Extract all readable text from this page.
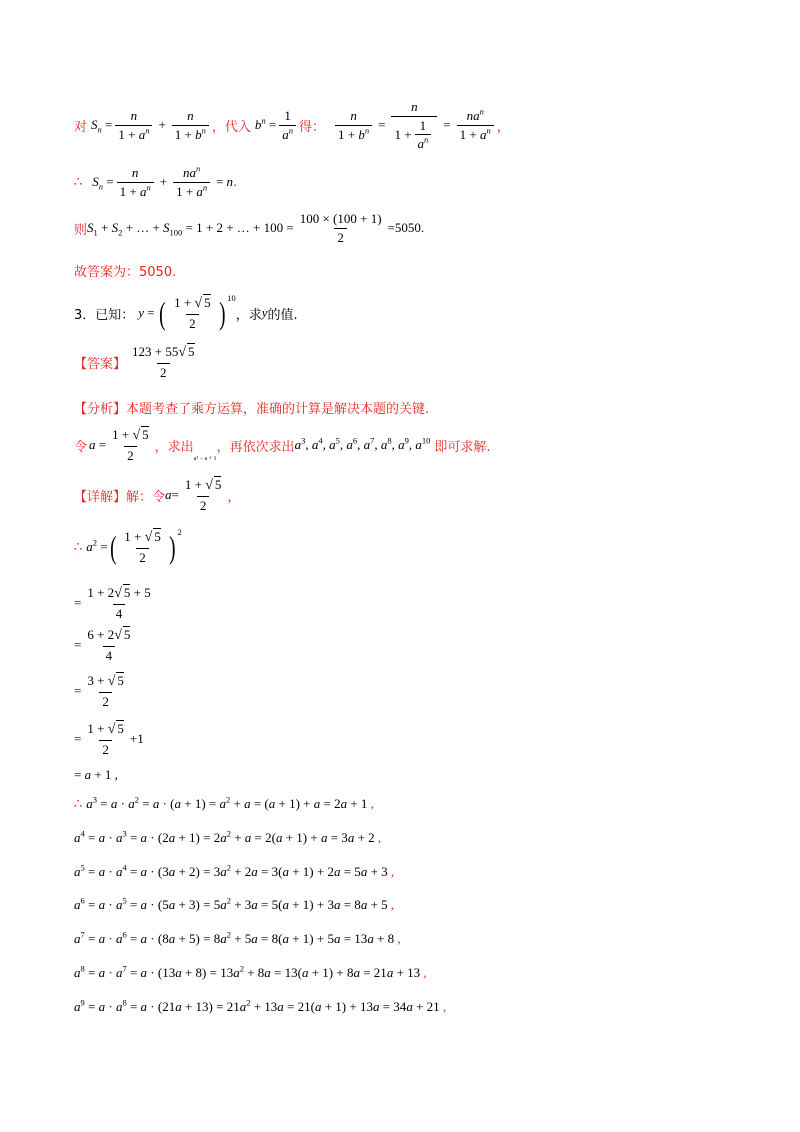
对 $S_n = \frac{n}{1 + a^n} + \frac{n}{1 + b^n}$ ，代入 $b^n = \frac{1}{a^n}$ 得： $\frac{n}{1 + b^n} = \frac{n}{1 + \frac{1}{a^n}} = \frac{na^n}{1 + a^n}$ ，
∴ $S_n = \frac{n}{1 + a^n} + \frac{na^n}{1 + a^n} = n$ .
则 $S_1 + S_2$ + … + $S_{100} = 1 + 2$ + … + $100 = \frac{100 \times (100 + 1)}{2} = 5050$ .
故答案为：5050.
3．已知： y = ( $\frac{1 + √ 5}{2}$ ) 10
，求 y 的值.
【答案】 $\frac{123 + 55√ 5}{2}$
【分析】本题考查了乘方运算，准确的计算是解决本题的关键.
令 $a = \frac{1 + √ 5}{2}$ ，求出
a² − a + 1
，再依次求出 $a^3$, $a^4$, $a^5$, $a^6$, $a^7$, $a^8$, $a^9$, $a^{10}$ 即可求解.
【详解】解：令 $a = \frac{1 + √ 5}{2}$ ，
∴ $a^2$ = ( $\frac{1 + √ 5}{2}$ ) 2
= $\frac{1 + 2√ 5 + 5}{4}$
= $\frac{6 + 2√ 5}{4}$
= $\frac{3 + √ 5}{2}$
= $\frac{1 + √ 5}{2} +1$
= a + 1 ,
∴ $a^3 = a \cdot a^2 = a \cdot (a + 1) = a^2 + a = (a + 1) + a = 2a + 1$ ,
$a^4 = a \cdot a^3 = a \cdot (2a + 1) = 2a^2 + a = 2(a + 1) + a = 3a + 2$ ,
$a^5 = a \cdot a^4 = a \cdot (3a + 2) = 3a^2 + 2a = 3(a + 1) + 2a = 5a + 3$ ,
$a^6 = a \cdot a^5 = a \cdot (5a + 3) = 5a^2 + 3a = 5(a + 1) + 3a = 8a + 5$ ,
$a^7 = a \cdot a^6 = a \cdot (8a + 5) = 8a^2 + 5a = 8(a + 1) + 5a = 13a + 8$ ,
$a^8 = a \cdot a^7 = a \cdot (13a + 8) = 13a^2 + 8a = 13(a + 1) + 8a = 21a + 13$ ,
$a^9 = a \cdot a^8 = a \cdot (21a + 13) = 21a^2 + 13a = 21(a + 1) + 13a = 34a + 21$ ,
